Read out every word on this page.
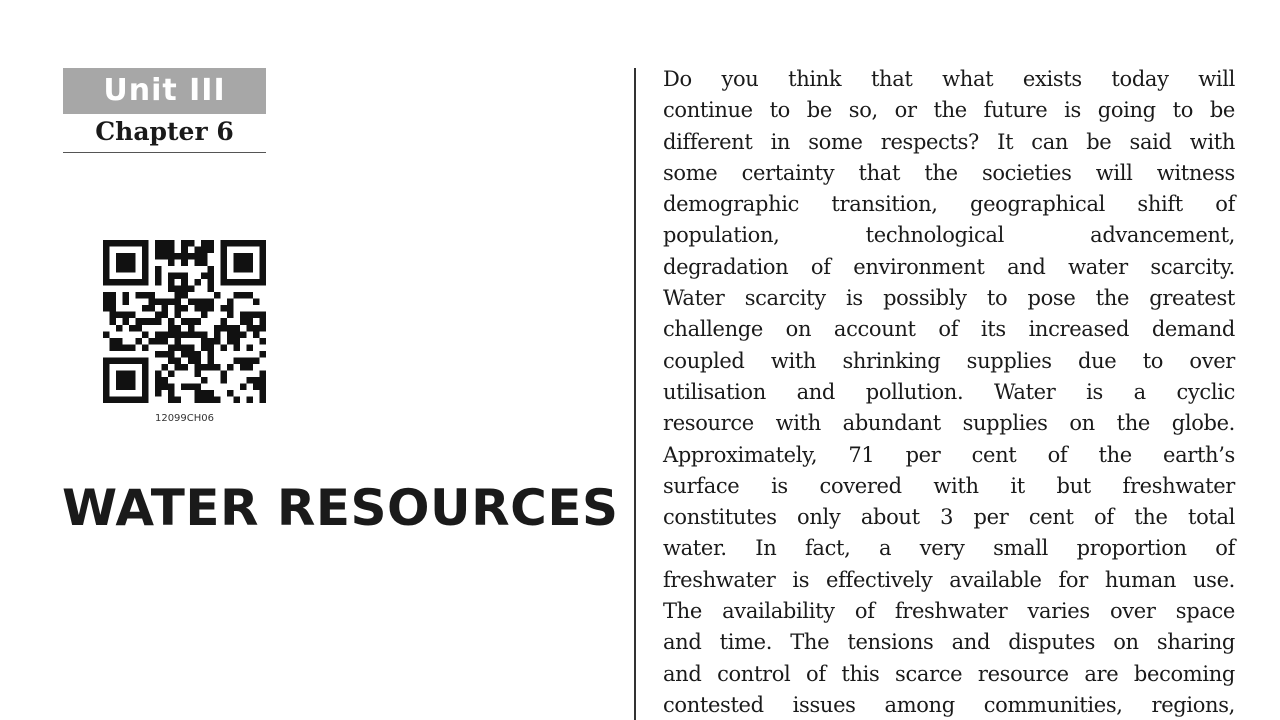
Unit III
Chapter 6
12099CH06
WATER RESOURCES
Do you think that what exists today will
continue to be so, or the future is going to be
different in some respects? It can be said with
some certainty that the societies will witness
demographic transition, geographical shift of
population, technological advancement,
degradation of environment and water scarcity.
Water scarcity is possibly to pose the greatest
challenge on account of its increased demand
coupled with shrinking supplies due to over
utilisation and pollution. Water is a cyclic
resource with abundant supplies on the globe.
Approximately, 71 per cent of the earth’s
surface is covered with it but freshwater
constitutes only about 3 per cent of the total
water. In fact, a very small proportion of
freshwater is effectively available for human use.
The availability of freshwater varies over space
and time. The tensions and disputes on sharing
and control of this scarce resource are becoming
contested issues among communities, regions,
